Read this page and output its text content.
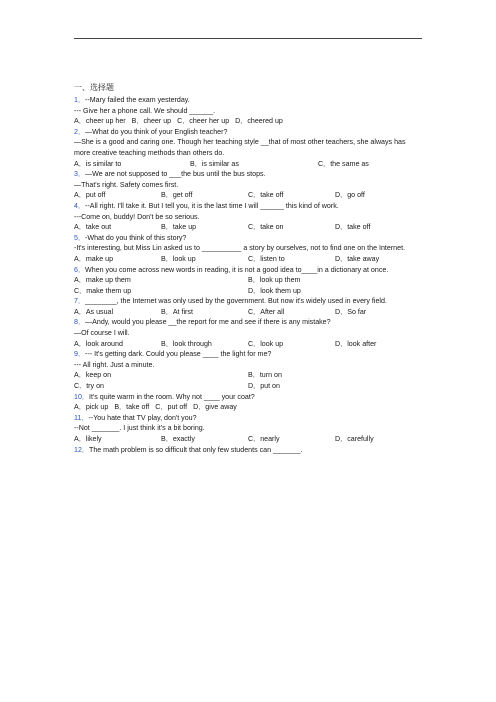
一、选择题
1．--Mary failed the exam yesterday.
--- Give her a phone call. We should ______.
A．cheer up her B．cheer up C．cheer her up D．cheered up
2．—What do you think of your English teacher?
—She is a good and caring one. Though her teaching style __that of most other teachers, she always has more creative teaching methods than others do.
A．is similar to	B．is similar as	C．the same as
3．—We are not supposed to ___the bus until the bus stops.
—That's right. Safety comes first.
A．put off	B．get off	C．take off	D．go off
4．--All right. I'll take it. But I tell you, it is the last time I will ______ this kind of work.
---Come on, buddy! Don't be so serious.
A．take out	B．take up	C．take on	D．take off
5．-What do you think of this story?
-It's interesting, but Miss Lin asked us to __________ a story by ourselves, not to find one on the Internet.
A．make up	B．look up	C．listen to	D．take away
6．When you come across new words in reading, it is not a good idea to____in a dictionary at once.
A．make up them	B．look up them
C．make them up	D．look them up
7．________, the Internet was only used by the government. But now it's widely used in every field.
A．As usual	B．At first	C．After all	D．So far
8．—Andy, would you please __the report for me and see if there is any mistake?
—Of course I will.
A．look around	B．look through	C．look up	D．look after
9．--- It's getting dark. Could you please ____ the light for me?
--- All right. Just a minute.
A．keep on	B．turn on
C．try on	D．put on
10．It's quite warm in the room. Why not ____ your coat?
A．pick up B．take off C．put off D．give away
11．--You hate that TV play, don't you?
--Not _______. I just think it's a bit boring.
A．likely	B．exactly	C．nearly	D．carefully
12．The math problem is so difficult that only few students can _______.
